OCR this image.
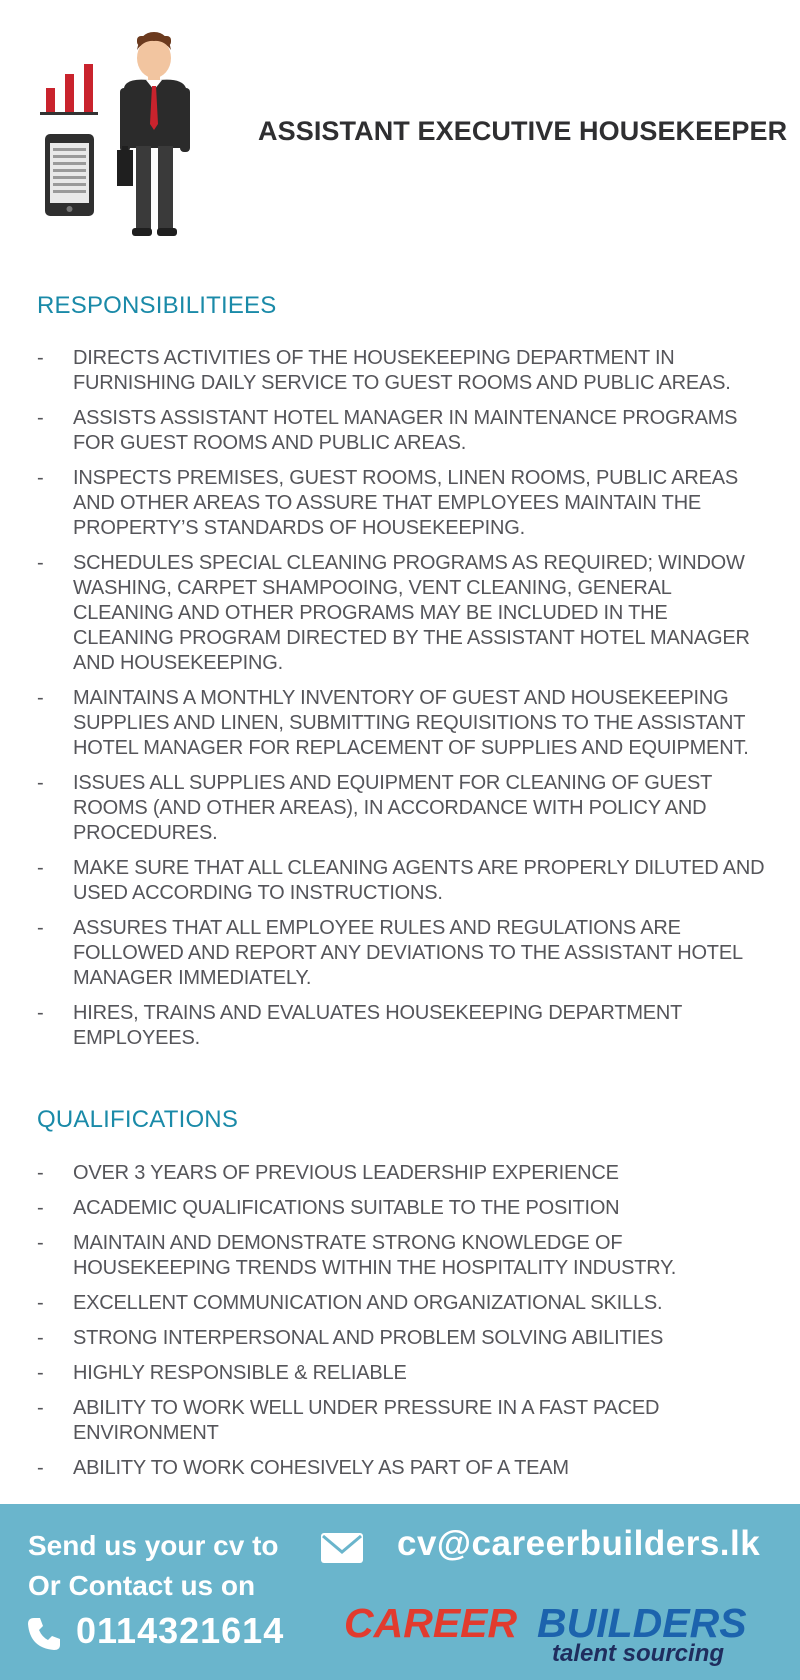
ASSISTANT EXECUTIVE HOUSEKEEPER
RESPONSIBILITIEES
-	DIRECTS ACTIVITIES OF THE HOUSEKEEPING DEPARTMENT IN FURNISHING DAILY SERVICE TO GUEST ROOMS AND PUBLIC AREAS.
-	ASSISTS ASSISTANT HOTEL MANAGER IN MAINTENANCE PROGRAMS FOR GUEST ROOMS AND PUBLIC AREAS.
-	INSPECTS PREMISES, GUEST ROOMS, LINEN ROOMS, PUBLIC AREAS AND OTHER AREAS TO ASSURE THAT EMPLOYEES MAINTAIN THE PROPERTY’S STANDARDS OF HOUSEKEEPING.
-	SCHEDULES SPECIAL CLEANING PROGRAMS AS REQUIRED; WINDOW WASHING, CARPET SHAMPOOING, VENT CLEANING, GENERAL CLEANING AND OTHER PROGRAMS MAY BE INCLUDED IN THE CLEANING PROGRAM DIRECTED BY THE ASSISTANT HOTEL MANAGER AND HOUSEKEEPING.
-	MAINTAINS A MONTHLY INVENTORY OF GUEST AND HOUSEKEEPING SUPPLIES AND LINEN, SUBMITTING REQUISITIONS TO THE ASSISTANT HOTEL MANAGER FOR REPLACEMENT OF SUPPLIES AND EQUIPMENT.
-	ISSUES ALL SUPPLIES AND EQUIPMENT FOR CLEANING OF GUEST ROOMS (AND OTHER AREAS), IN ACCORDANCE WITH POLICY AND PROCEDURES.
-	MAKE SURE THAT ALL CLEANING AGENTS ARE PROPERLY DILUTED AND USED ACCORDING TO INSTRUCTIONS.
-	ASSURES THAT ALL EMPLOYEE RULES AND REGULATIONS ARE FOLLOWED AND REPORT ANY DEVIATIONS TO THE ASSISTANT HOTEL MANAGER IMMEDIATELY.
-	HIRES, TRAINS AND EVALUATES HOUSEKEEPING DEPARTMENT EMPLOYEES.
QUALIFICATIONS
-	OVER 3 YEARS OF PREVIOUS LEADERSHIP EXPERIENCE
-	ACADEMIC QUALIFICATIONS SUITABLE TO THE POSITION
-	MAINTAIN AND DEMONSTRATE STRONG KNOWLEDGE OF HOUSEKEEPING TRENDS WITHIN THE HOSPITALITY INDUSTRY.
-	EXCELLENT COMMUNICATION AND ORGANIZATIONAL SKILLS.
-	STRONG INTERPERSONAL AND PROBLEM SOLVING ABILITIES
-	HIGHLY RESPONSIBLE & RELIABLE
-	ABILITY TO WORK WELL UNDER PRESSURE IN A FAST PACED ENVIRONMENT
-	ABILITY TO WORK COHESIVELY AS PART OF A TEAM
Send us your cv to
Or Contact us on
0114321614
cv@careerbuilders.lk
CAREER BUILDERS
talent sourcing
